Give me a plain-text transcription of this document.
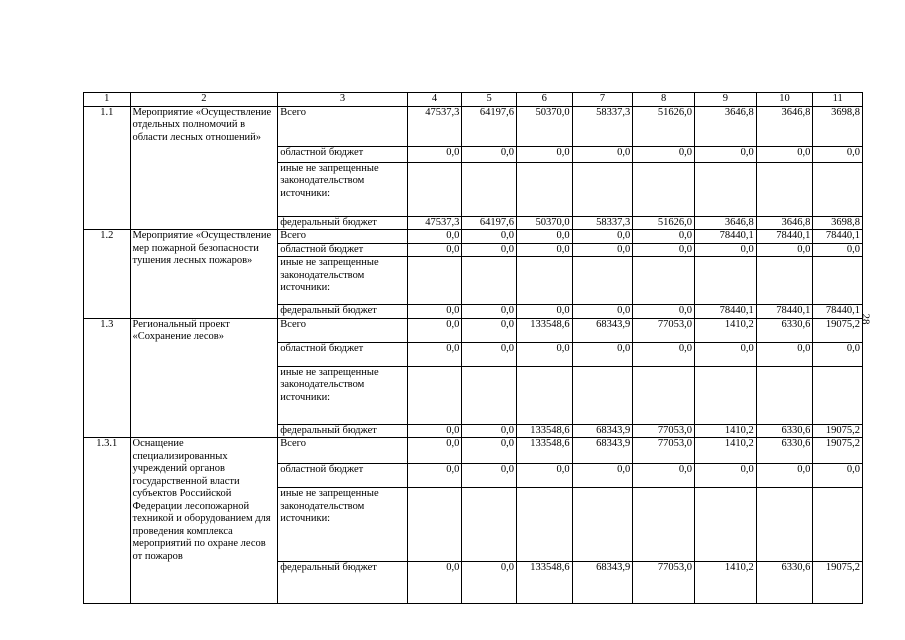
1	2	3	4	5	6	7	8	9	10	11
1.1	Мероприятие «Осуществление отдельных полномочий в области лесных отношений»	Всего	47537,3	64197,6	50370,0	58337,3	51626,0	3646,8	3646,8	3698,8
		областной бюджет	0,0	0,0	0,0	0,0	0,0	0,0	0,0	0,0
		иные не запрещенные законодательством источники:								
		федеральный бюджет	47537,3	64197,6	50370,0	58337,3	51626,0	3646,8	3646,8	3698,8
1.2	Мероприятие «Осуществление мер пожарной безопасности тушения лесных пожаров»	Всего	0,0	0,0	0,0	0,0	0,0	78440,1	78440,1	78440,1
		областной бюджет	0,0	0,0	0,0	0,0	0,0	0,0	0,0	0,0
		иные не запрещенные законодательством источники:								
		федеральный бюджет	0,0	0,0	0,0	0,0	0,0	78440,1	78440,1	78440,1
1.3	Региональный проект «Сохранение лесов»	Всего	0,0	0,0	133548,6	68343,9	77053,0	1410,2	6330,6	19075,2
		областной бюджет	0,0	0,0	0,0	0,0	0,0	0,0	0,0	0,0
		иные не запрещенные законодательством источники:								
		федеральный бюджет	0,0	0,0	133548,6	68343,9	77053,0	1410,2	6330,6	19075,2
1.3.1	Оснащение специализированных учреждений органов государственной власти субъектов Российской Федерации лесопожарной техникой и оборудованием для проведения комплекса мероприятий по охране лесов от пожаров	Всего	0,0	0,0	133548,6	68343,9	77053,0	1410,2	6330,6	19075,2
		областной бюджет	0,0	0,0	0,0	0,0	0,0	0,0	0,0	0,0
		иные не запрещенные законодательством источники:								
		федеральный бюджет	0,0	0,0	133548,6	68343,9	77053,0	1410,2	6330,6	19075,2
28
